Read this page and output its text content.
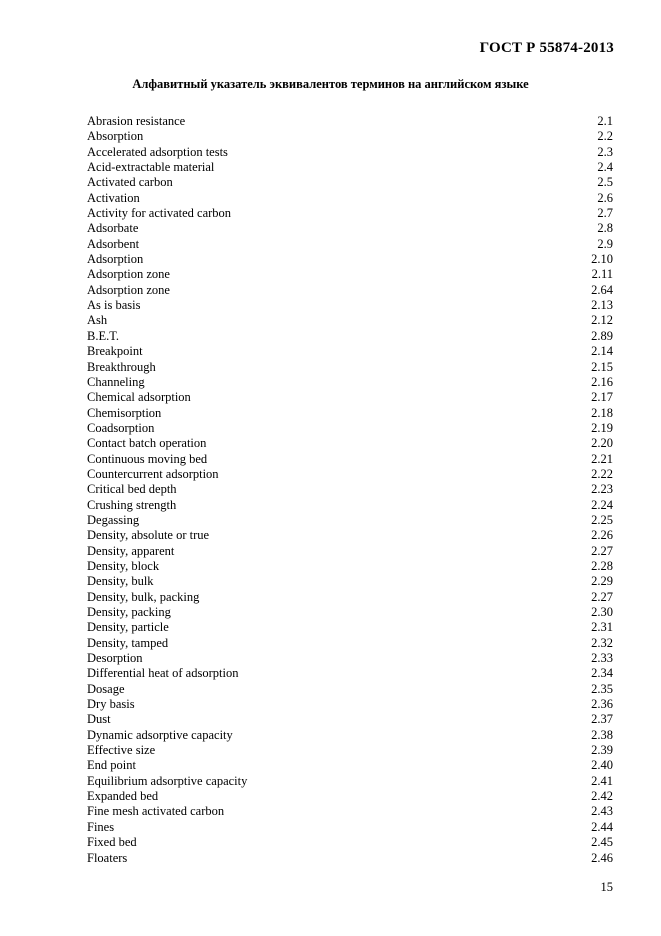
ГОСТ Р 55874-2013
Алфавитный указатель эквивалентов терминов на английском языке
Abrasion resistance	2.1
Absorption	2.2
Accelerated adsorption tests	2.3
Acid-extractable material	2.4
Activated carbon	2.5
Activation	2.6
Activity for activated carbon	2.7
Adsorbate	2.8
Adsorbent	2.9
Adsorption	2.10
Adsorption zone	2.11
Adsorption zone	2.64
As is basis	2.13
Ash	2.12
B.E.T.	2.89
Breakpoint	2.14
Breakthrough	2.15
Channeling	2.16
Chemical adsorption	2.17
Chemisorption	2.18
Coadsorption	2.19
Contact batch operation	2.20
Continuous moving bed	2.21
Countercurrent adsorption	2.22
Critical bed depth	2.23
Crushing strength	2.24
Degassing	2.25
Density, absolute or true	2.26
Density, apparent	2.27
Density, block	2.28
Density, bulk	2.29
Density, bulk, packing	2.27
Density, packing	2.30
Density, particle	2.31
Density, tamped	2.32
Desorption	2.33
Differential heat of adsorption	2.34
Dosage	2.35
Dry basis	2.36
Dust	2.37
Dynamic adsorptive capacity	2.38
Effective size	2.39
End point	2.40
Equilibrium adsorptive capacity	2.41
Expanded bed	2.42
Fine mesh activated carbon	2.43
Fines	2.44
Fixed bed	2.45
Floaters	2.46
15
